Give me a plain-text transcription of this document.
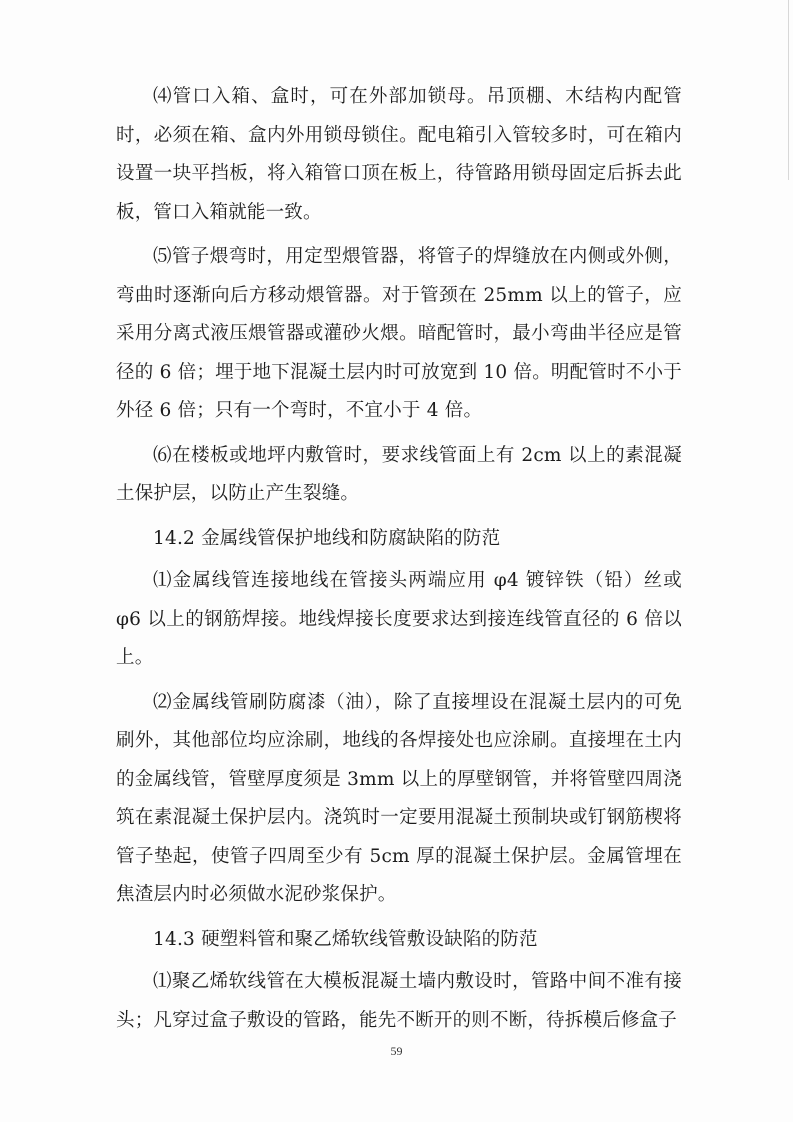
⑷管口入箱、盒时，可在外部加锁母。吊顶棚、木结构内配管时，必须在箱、盒内外用锁母锁住。配电箱引入管较多时，可在箱内设置一块平挡板，将入箱管口顶在板上，待管路用锁母固定后拆去此板，管口入箱就能一致。

⑸管子煨弯时，用定型煨管器，将管子的焊缝放在内侧或外侧，弯曲时逐渐向后方移动煨管器。对于管颈在 25mm 以上的管子，应采用分离式液压煨管器或灌砂火煨。暗配管时，最小弯曲半径应是管径的 6 倍；埋于地下混凝土层内时可放宽到 10 倍。明配管时不小于外径 6 倍；只有一个弯时，不宜小于 4 倍。

⑹在楼板或地坪内敷管时，要求线管面上有 2cm 以上的素混凝土保护层，以防止产生裂缝。

14.2 金属线管保护地线和防腐缺陷的防范

⑴金属线管连接地线在管接头两端应用 φ4 镀锌铁（铅）丝或 φ6 以上的钢筋焊接。地线焊接长度要求达到接连线管直径的 6 倍以上。

⑵金属线管刷防腐漆（油），除了直接埋设在混凝土层内的可免刷外，其他部位均应涂刷，地线的各焊接处也应涂刷。直接埋在土内的金属线管，管壁厚度须是 3mm 以上的厚壁钢管，并将管壁四周浇筑在素混凝土保护层内。浇筑时一定要用混凝土预制块或钉钢筋楔将管子垫起，使管子四周至少有 5cm 厚的混凝土保护层。金属管埋在焦渣层内时必须做水泥砂浆保护。

14.3 硬塑料管和聚乙烯软线管敷设缺陷的防范

⑴聚乙烯软线管在大模板混凝土墙内敷设时，管路中间不准有接头；凡穿过盒子敷设的管路，能先不断开的则不断，待拆模后修盒子

59
